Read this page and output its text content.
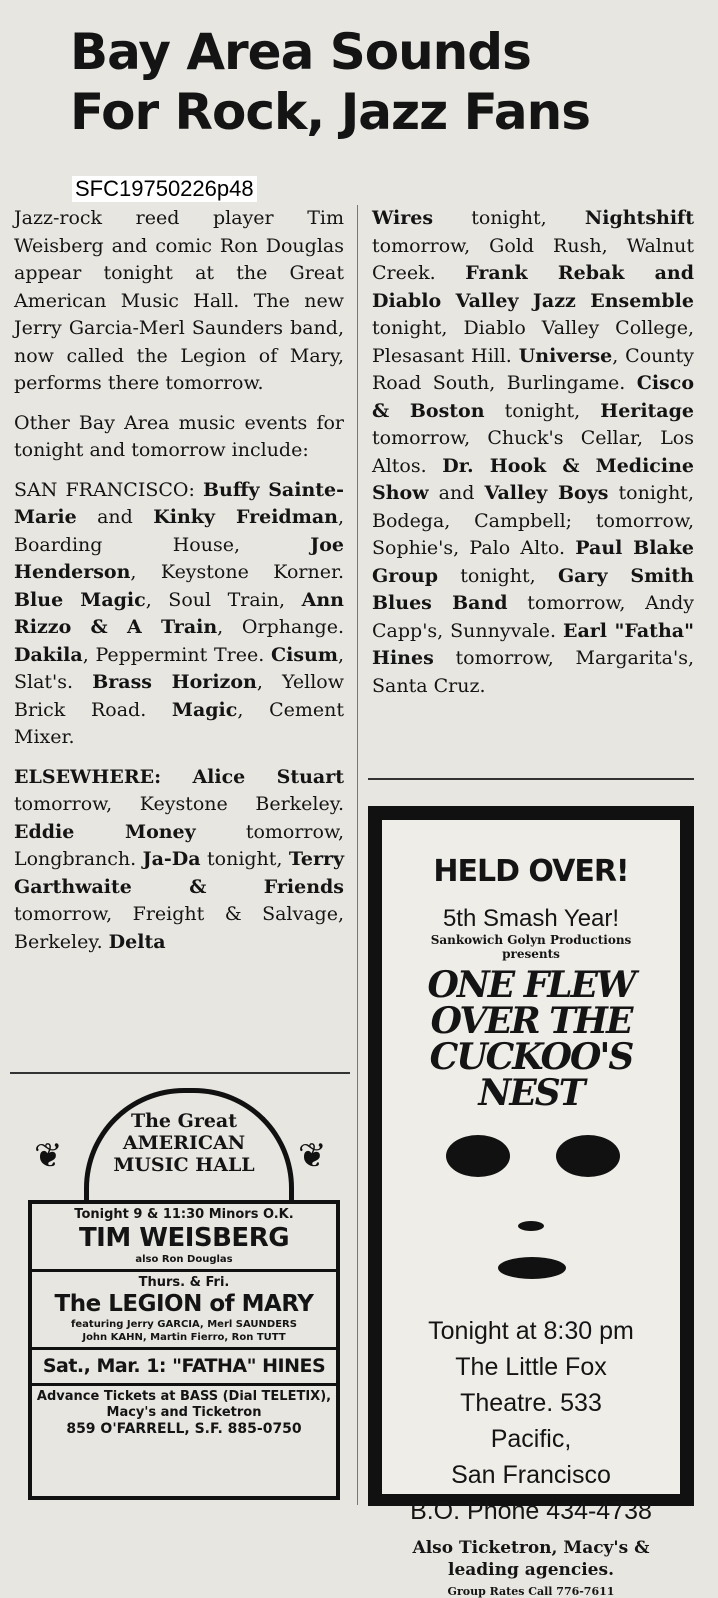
Bay Area Sounds
For Rock, Jazz Fans
SFC19750226p48

Jazz-rock reed player Tim Weisberg and comic Ron Douglas appear tonight at the Great American Music Hall. The new Jerry Garcia-Merl Saunders band, now called the Legion of Mary, performs there tomorrow.

Other Bay Area music events for tonight and tomorrow include:

SAN FRANCISCO: Buffy Sainte-Marie and Kinky Freidman, Boarding House, Joe Henderson, Keystone Korner. Blue Magic, Soul Train, Ann Rizzo & A Train, Orphange. Dakila, Peppermint Tree. Cisum, Slat's. Brass Horizon, Yellow Brick Road. Magic, Cement Mixer.

ELSEWHERE: Alice Stuart tomorrow, Keystone Berkeley. Eddie Money tomorrow, Longbranch. Ja-Da tonight, Terry Garthwaite & Friends tomorrow, Freight & Salvage, Berkeley. Delta

Wires tonight, Nightshift tomorrow, Gold Rush, Walnut Creek. Frank Rebak and Diablo Valley Jazz Ensemble tonight, Diablo Valley College, Plesasant Hill. Universe, County Road South, Burlingame. Cisco & Boston tonight, Heritage tomorrow, Chuck's Cellar, Los Altos. Dr. Hook & Medicine Show and Valley Boys tonight, Bodega, Campbell; tomorrow, Sophie's, Palo Alto. Paul Blake Group tonight, Gary Smith Blues Band tomorrow, Andy Capp's, Sunnyvale. Earl "Fatha" Hines tomorrow, Margarita's, Santa Cruz.

❦	❦
The Great AMERICAN MUSIC HALL
Tonight 9 & 11:30 Minors O.K.
TIM WEISBERG
also Ron Douglas
Thurs. & Fri.
The LEGION of MARY
featuring Jerry GARCIA, Merl SAUNDERS
John KAHN, Martin Fierro, Ron TUTT
Sat., Mar. 1: "FATHA" HINES
Advance Tickets at BASS (Dial TELETIX), Macy's and Ticketron
859 O'FARRELL, S.F. 885-0750
HELD OVER!
5th Smash Year!
Sankowich Golyn Productions
presents
ONE FLEW OVER THE CUCKOO'S NEST
Tonight at 8:30 pm
The Little Fox
Theatre. 533
Pacific,
San Francisco
B.O. Phone 434-4738
Also Ticketron, Macy's & leading agencies.
Group Rates Call 776-7611
